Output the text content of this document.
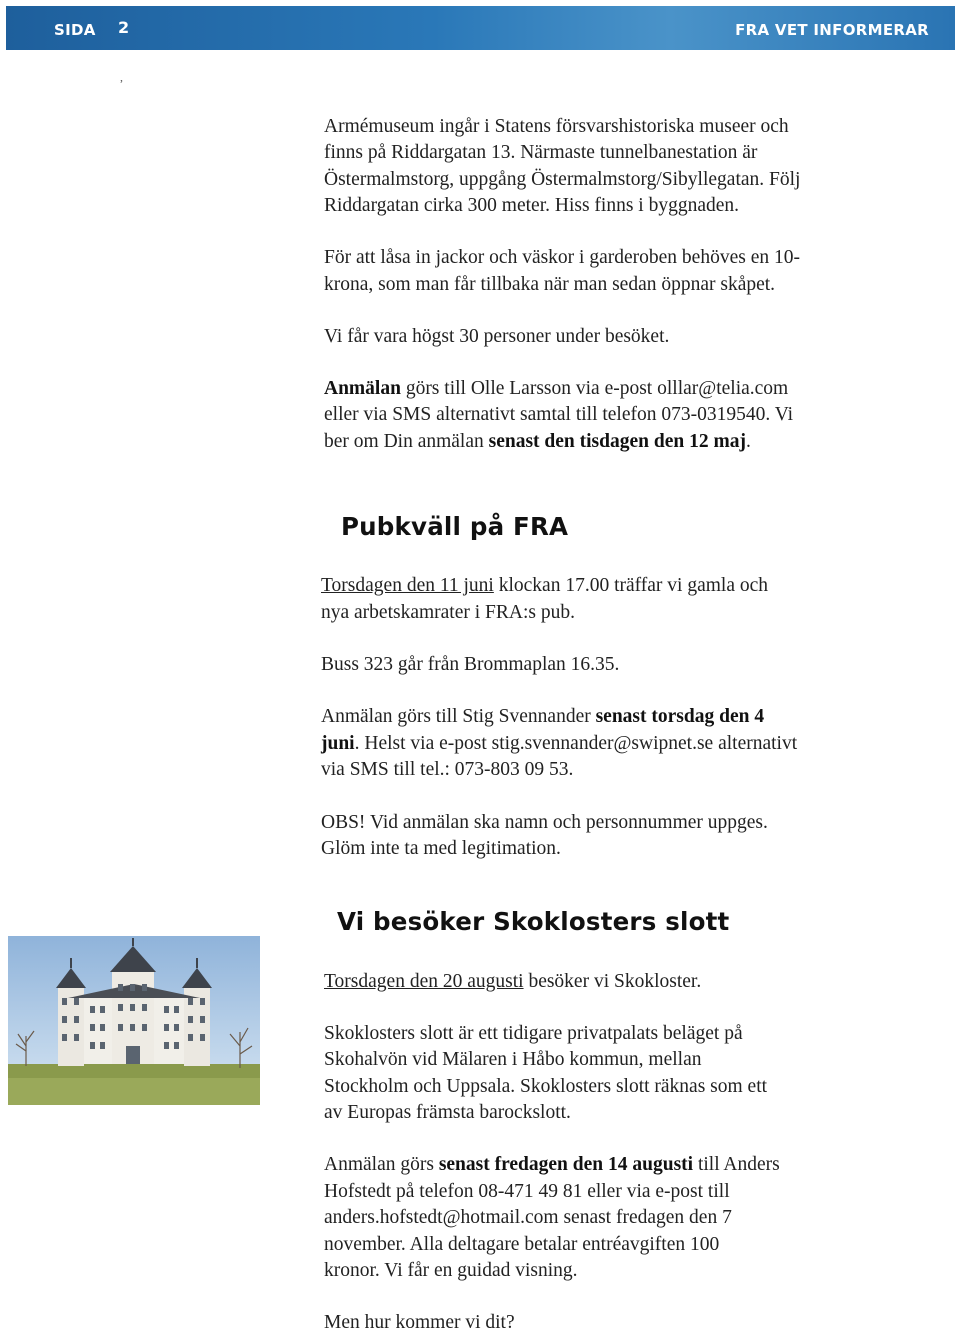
SIDA 2	FRA VET INFORMERAR
,

Armémuseum ingår i Statens försvarshistoriska museer och

finns på Riddargatan 13. Närmaste tunnelbanestation är

Östermalmstorg, uppgång Östermalmstorg/Sibyllegatan. Följ

Riddargatan cirka 300 meter. Hiss finns i byggnaden.

För att låsa in jackor och väskor i garderoben behöves en 10-

krona, som man får tillbaka när man sedan öppnar skåpet.

Vi får vara högst 30 personer under besöket.

Anmälan görs till Olle Larsson via e-post olllar@telia.com

eller via SMS alternativt samtal till telefon 073-0319540. Vi

ber om Din anmälan senast den tisdagen den 12 maj.

Pubkväll på FRA

Torsdagen den 11 juni klockan 17.00 träffar vi gamla och

nya arbetskamrater i FRA:s pub.

Buss 323 går från Brommaplan 16.35.

Anmälan görs till Stig Svennander senast torsdag den 4

juni. Helst via e-post stig.svennander@swipnet.se alternativt

via SMS till tel.: 073-803 09 53.

OBS! Vid anmälan ska namn och personnummer uppges.

Glöm inte ta med legitimation.

Vi besöker Skoklosters slott

Torsdagen den 20 augusti besöker vi Skokloster.

Skoklosters slott är ett tidigare privatpalats beläget på

Skohalvön vid Mälaren i Håbo kommun, mellan

Stockholm och Uppsala. Skoklosters slott räknas som ett

av Europas främsta barockslott.

Anmälan görs senast fredagen den 14 augusti till Anders

Hofstedt på telefon 08-471 49 81 eller via e-post till

anders.hofstedt@hotmail.com senast fredagen den 7

november. Alla deltagare betalar entréavgiften 100

kronor. Vi får en guidad visning.

Men hur kommer vi dit?
